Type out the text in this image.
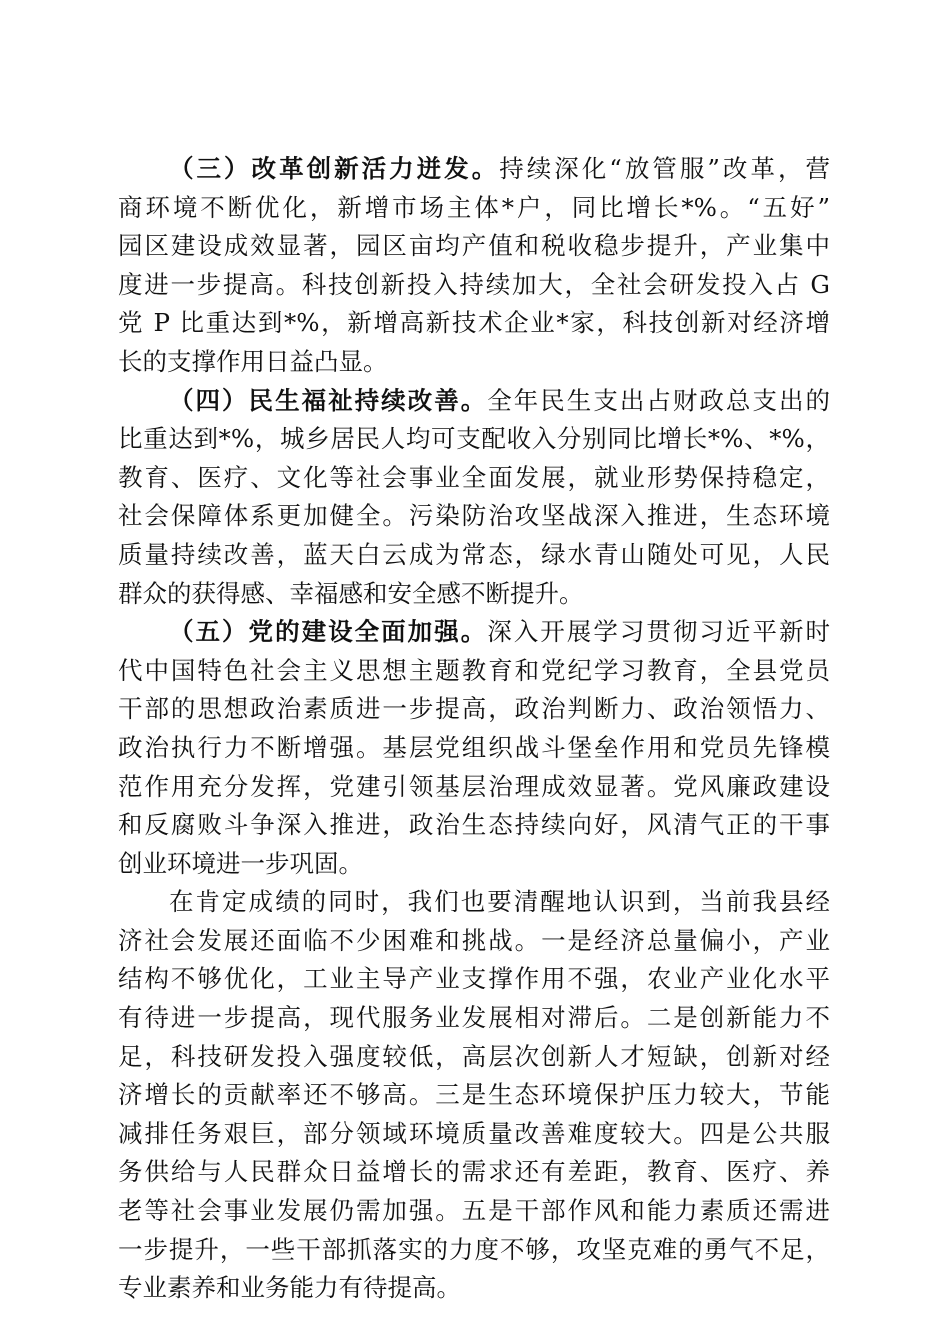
（三）改革创新活力迸发。持续深化“放管服”改革，营
商环境不断优化，新增市场主体*户，同比增长*%。“五好”
园区建设成效显著，园区亩均产值和税收稳步提升，产业集中
度进一步提高。科技创新投入持续加大，全社会研发投入占 G
党 P 比重达到*%，新增高新技术企业*家，科技创新对经济增
长的支撑作用日益凸显。
（四）民生福祉持续改善。全年民生支出占财政总支出的
比重达到*%，城乡居民人均可支配收入分别同比增长*%、*%，
教育、医疗、文化等社会事业全面发展，就业形势保持稳定，
社会保障体系更加健全。污染防治攻坚战深入推进，生态环境
质量持续改善，蓝天白云成为常态，绿水青山随处可见，人民
群众的获得感、幸福感和安全感不断提升。
（五）党的建设全面加强。深入开展学习贯彻习近平新时
代中国特色社会主义思想主题教育和党纪学习教育，全县党员
干部的思想政治素质进一步提高，政治判断力、政治领悟力、
政治执行力不断增强。基层党组织战斗堡垒作用和党员先锋模
范作用充分发挥，党建引领基层治理成效显著。党风廉政建设
和反腐败斗争深入推进，政治生态持续向好，风清气正的干事
创业环境进一步巩固。
在肯定成绩的同时，我们也要清醒地认识到，当前我县经
济社会发展还面临不少困难和挑战。一是经济总量偏小，产业
结构不够优化，工业主导产业支撑作用不强，农业产业化水平
有待进一步提高，现代服务业发展相对滞后。二是创新能力不
足，科技研发投入强度较低，高层次创新人才短缺，创新对经
济增长的贡献率还不够高。三是生态环境保护压力较大，节能
减排任务艰巨，部分领域环境质量改善难度较大。四是公共服
务供给与人民群众日益增长的需求还有差距，教育、医疗、养
老等社会事业发展仍需加强。五是干部作风和能力素质还需进
一步提升，一些干部抓落实的力度不够，攻坚克难的勇气不足，
专业素养和业务能力有待提高。
